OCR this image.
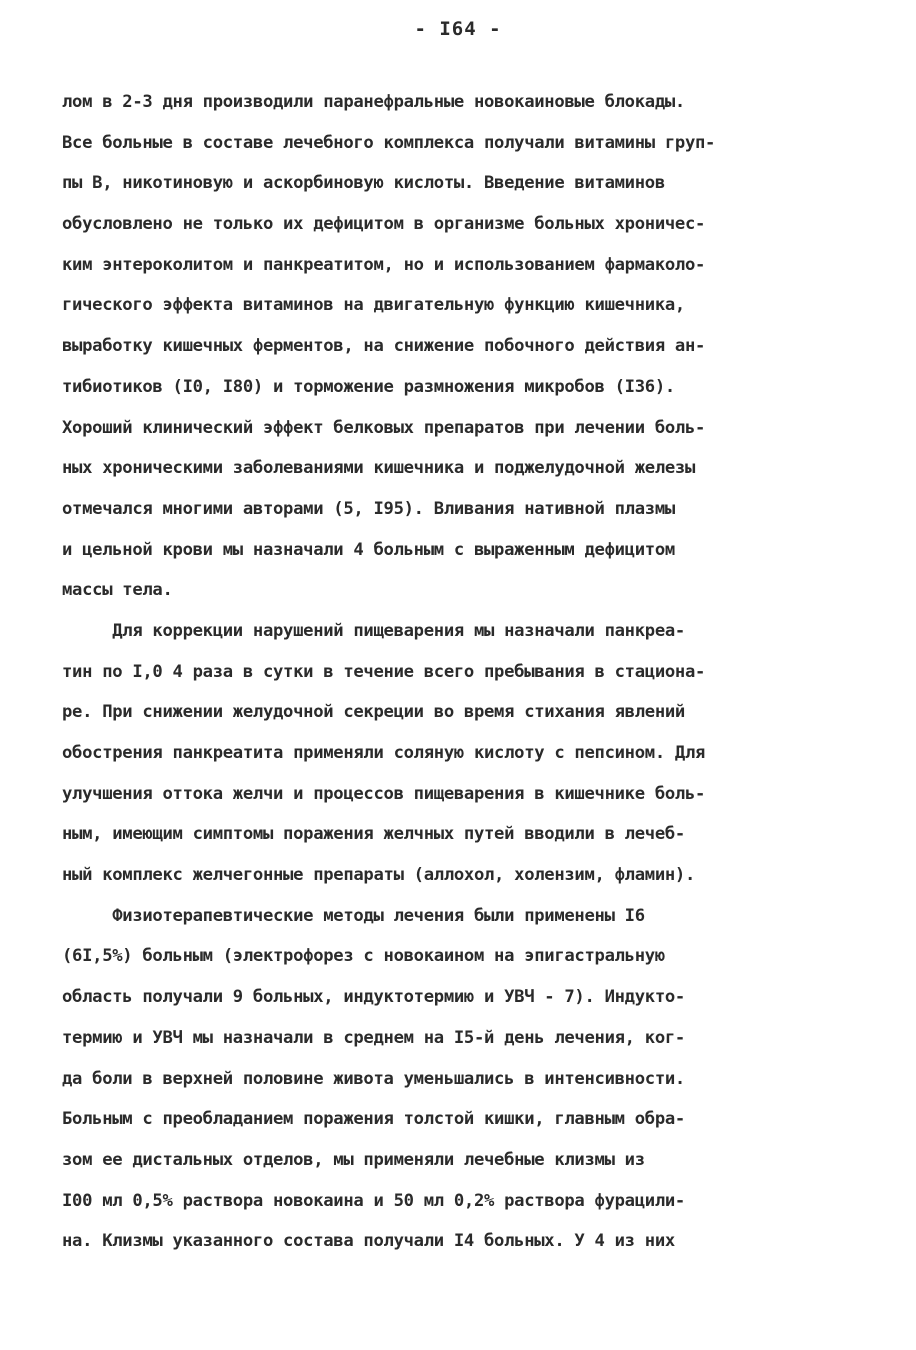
- I64 -
лом в 2-3 дня производили паранефральные новокаиновые блокады.
Все больные в составе лечебного комплекса получали витамины груп-
пы В, никотиновую и аскорбиновую кислоты. Введение витаминов
обусловлено не только их дефицитом в организме больных хроничес-
ким энтероколитом и панкреатитом, но и использованием фармаколо-
гического эффекта витаминов на двигательную функцию кишечника,
выработку кишечных ферментов, на снижение побочного действия ан-
тибиотиков (I0, I80) и торможение размножения микробов (I36).
Хороший клинический эффект белковых препаратов при лечении боль-
ных хроническими заболеваниями кишечника и поджелудочной железы
отмечался многими авторами (5, I95). Вливания нативной плазмы
и цельной крови мы назначали 4 больным с выраженным дефицитом
массы тела.
Для коррекции нарушений пищеварения мы назначали панкреа-
тин по I,0 4 раза в сутки в течение всего пребывания в стациона-
ре. При снижении желудочной секреции во время стихания явлений
обострения панкреатита применяли соляную кислоту с пепсином. Для
улучшения оттока желчи и процессов пищеварения в кишечнике боль-
ным, имеющим симптомы поражения желчных путей вводили в лечеб-
ный комплекс желчегонные препараты (аллохол, холензим, фламин).
Физиотерапевтические методы лечения были применены I6
(6I,5%) больным (электрофорез с новокаином на эпигастральную
область получали 9 больных, индуктотермию и УВЧ - 7). Индукто-
термию и УВЧ мы назначали в среднем на I5-й день лечения, ког-
да боли в верхней половине живота уменьшались в интенсивности.
Больным с преобладанием поражения толстой кишки, главным обра-
зом ее дистальных отделов, мы применяли лечебные клизмы из
I00 мл 0,5% раствора новокаина и 50 мл 0,2% раствора фурацили-
на. Клизмы указанного состава получали I4 больных. У 4 из них
